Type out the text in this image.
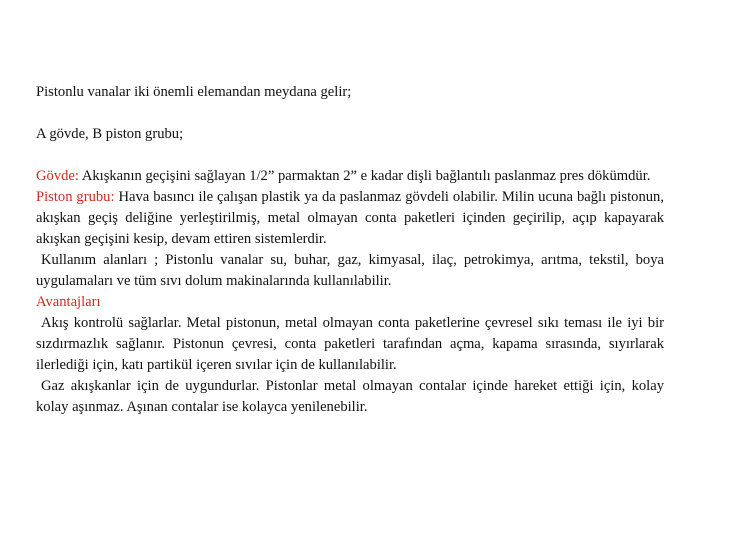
Pistonlu vanalar iki önemli elemandan meydana gelir;

A gövde, B piston grubu;

Gövde: Akışkanın geçişini sağlayan 1/2” parmaktan 2” e kadar dişli bağlantılı paslanmaz pres dökümdür.

Piston grubu: Hava basıncı ile çalışan plastik ya da paslanmaz gövdeli olabilir. Milin ucuna bağlı pistonun, akışkan geçiş deliğine yerleştirilmiş, metal olmayan conta paketleri içinden geçirilip, açıp kapayarak akışkan geçişini kesip, devam ettiren sistemlerdir.

Kullanım alanları ; Pistonlu vanalar su, buhar, gaz, kimyasal, ilaç, petrokimya, arıtma, tekstil, boya uygulamaları ve tüm sıvı dolum makinalarında kullanılabilir.

Avantajları

Akış kontrolü sağlarlar. Metal pistonun, metal olmayan conta paketlerine çevresel sıkı teması ile iyi bir sızdırmazlık sağlanır. Pistonun çevresi, conta paketleri tarafından açma, kapama sırasında, sıyırlarak ilerlediği için, katı partikül içeren sıvılar için de kullanılabilir.

Gaz akışkanlar için de uygundurlar. Pistonlar metal olmayan contalar içinde hareket ettiği için, kolay kolay aşınmaz. Aşınan contalar ise kolayca yenilenebilir.
